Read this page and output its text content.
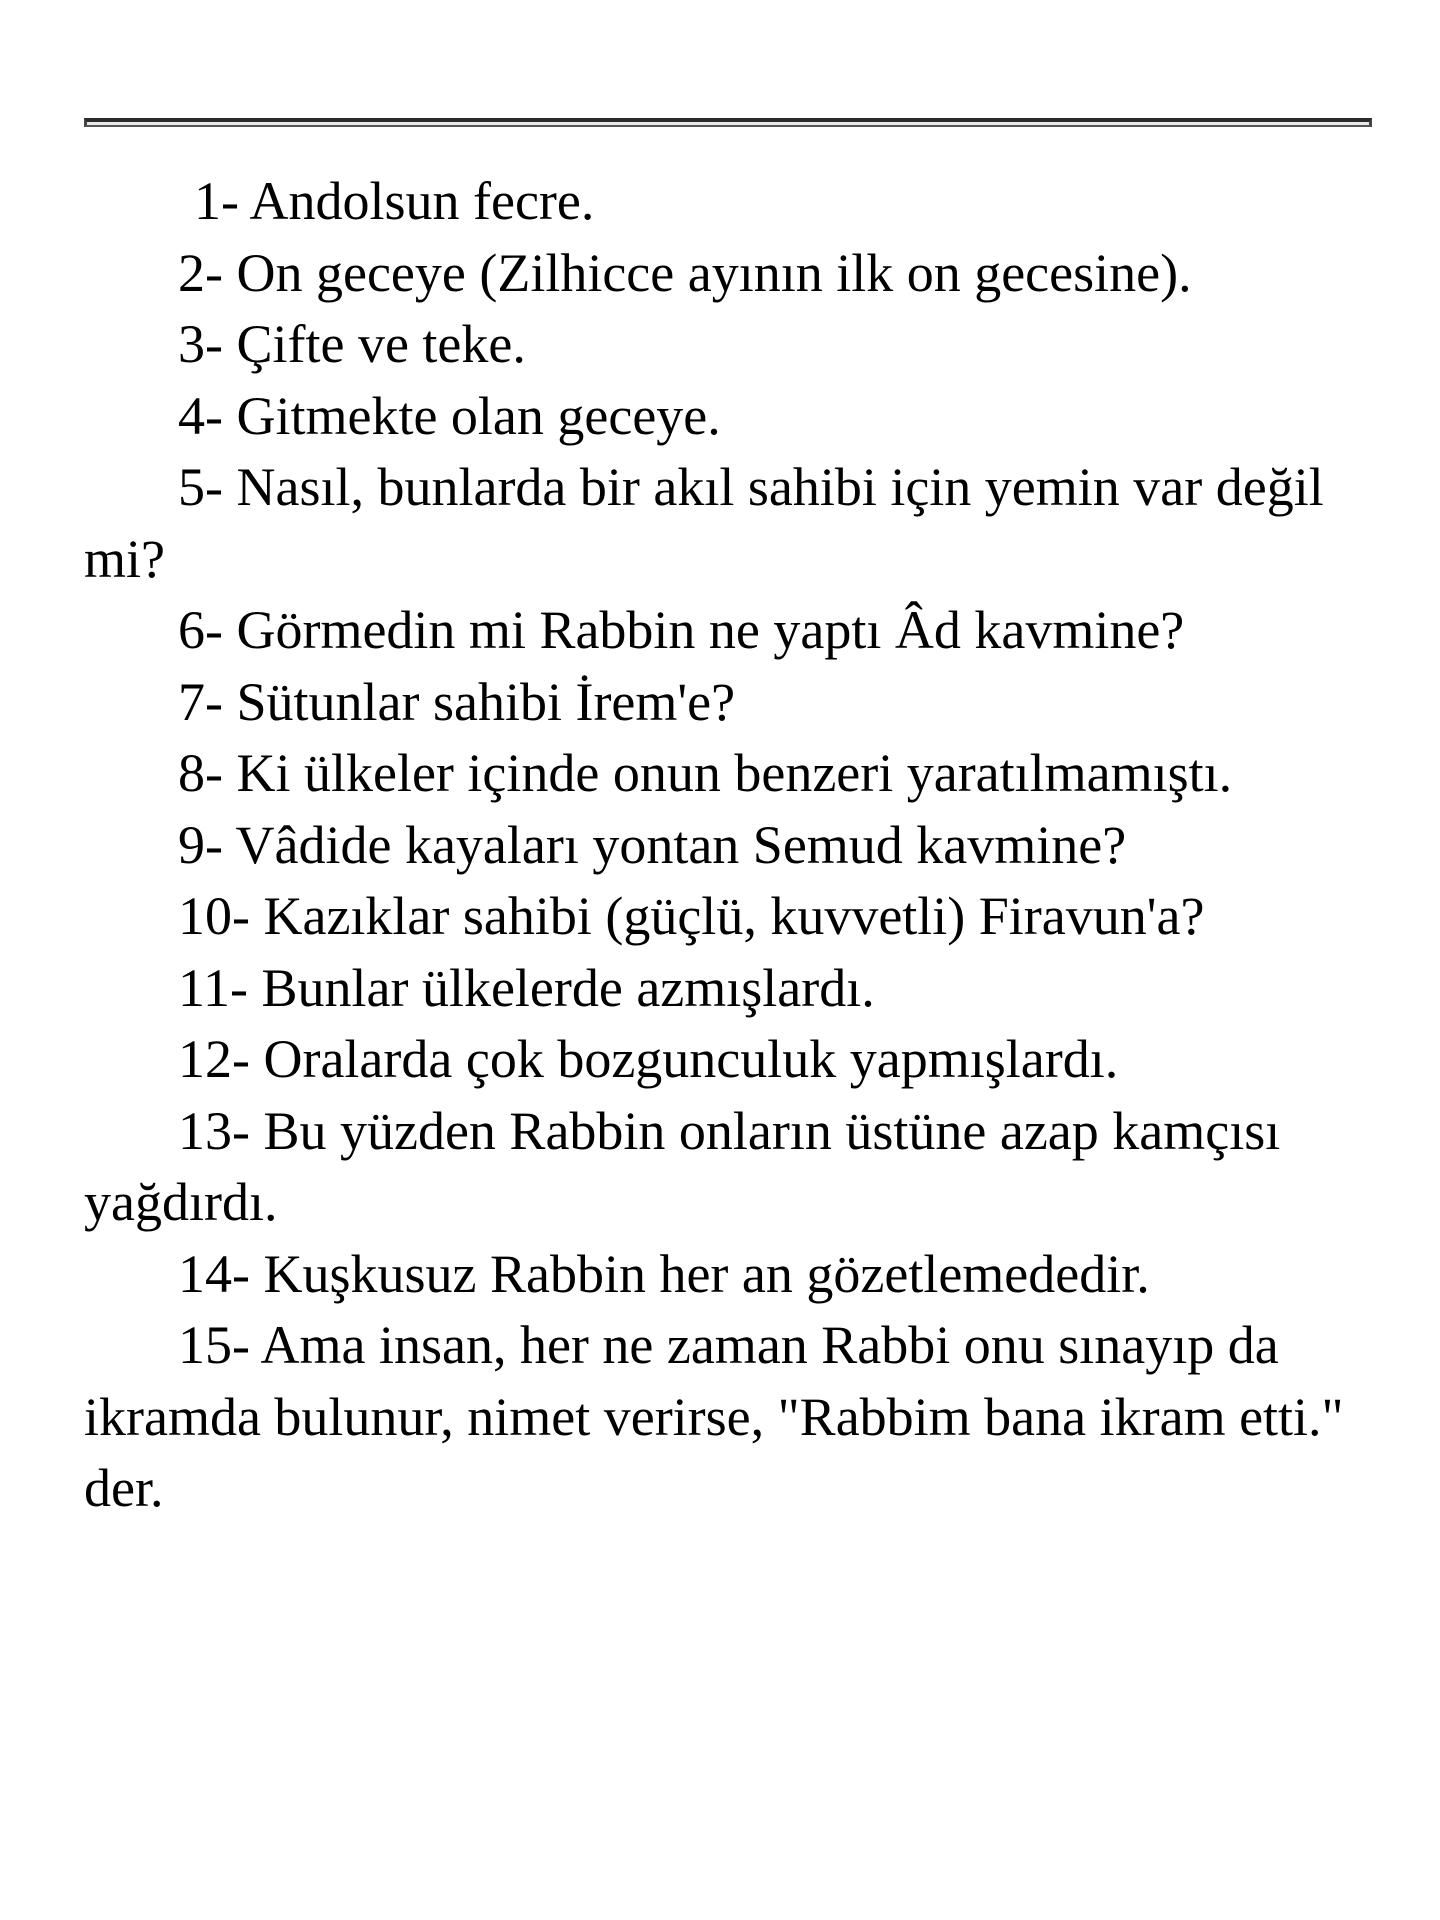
1- Andolsun fecre.

2- On geceye (Zilhicce ayının ilk on gecesine).

3- Çifte ve teke.

4- Gitmekte olan geceye.

5- Nasıl, bunlarda bir akıl sahibi için yemin var değil mi?

6- Görmedin mi Rabbin ne yaptı Âd kavmine?

7- Sütunlar sahibi İrem'e?

8- Ki ülkeler içinde onun benzeri yaratılmamıştı.

9- Vâdide kayaları yontan Semud kavmine?

10- Kazıklar sahibi (güçlü, kuvvetli) Firavun'a?

11- Bunlar ülkelerde azmışlardı.

12- Oralarda çok bozgunculuk yapmışlardı.

13- Bu yüzden Rabbin onların üstüne azap kamçısı yağdırdı.

14- Kuşkusuz Rabbin her an gözetlemededir.

15- Ama insan, her ne zaman Rabbi onu sınayıp da ikramda bulunur, nimet verirse, "Rabbim bana ikram etti." der.
